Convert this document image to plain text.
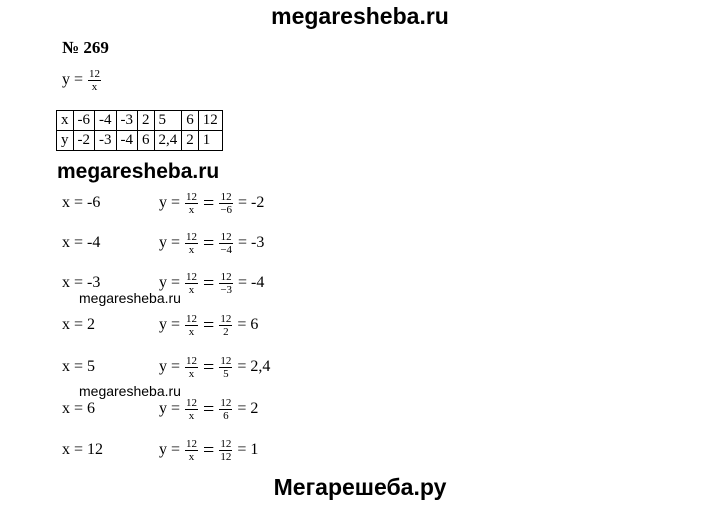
megaresheba.ru
№ 269
$y = \frac{12}{x}$
x	-6	-4	-3	2	5	6	12
y	-2	-3	-4	6	2,4	2	1
megaresheba.ru
x = -6	$y = \frac{12}{x} = \frac{12}{-6} = -2$
x = -4	$y = \frac{12}{x} = \frac{12}{-4} = -3$
x = -3	$y = \frac{12}{x} = \frac{12}{-3} = -4$
megaresheba.ru
x = 2	$y = \frac{12}{x} = \frac{12}{2} = 6$
x = 5	$y = \frac{12}{x} = \frac{12}{5} = 2,4$
megaresheba.ru
x = 6	$y = \frac{12}{x} = \frac{12}{6} = 2$
x = 12	$y = \frac{12}{x} = \frac{12}{12} = 1$
Мегарешеба.ру
